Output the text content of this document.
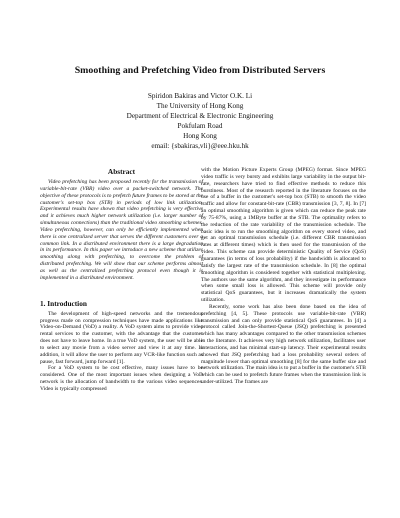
Smoothing and Prefetching Video from Distributed Servers
Spiridon Bakiras and Victor O.K. Li
The University of Hong Kong
Department of Electrical & Electronic Engineering
Pokfulam Road
Hong Kong
email: {sbakiras,vli}@eee.hku.hk
Abstract

Video prefetching has been proposed recently for the transmission of variable-bit-rate (VBR) video over a packet-switched network. The objective of these protocols is to prefetch future frames to be stored at the customer's set-top box (STB) in periods of low link utilization. Experimental results have shown that video prefetching is very effective and it achieves much higher network utilization (i.e. larger number of simultaneous connections) than the traditional video smoothing schemes. Video prefetching, however, can only be efficiently implemented when there is one centralized server that serves the different customers over a common link. In a distributed environment there is a large degradation in its performance. In this paper we introduce a new scheme that utilizes smoothing along with prefetching, to overcome the problem of distributed prefetching. We will show that our scheme performs almost as well as the centralized prefetching protocol even though it is implemented in a distributed environment.

1. Introduction

The development of high-speed networks and the tremendous progress made on compression techniques have made applications like Video-on-Demand (VoD) a reality. A VoD system aims to provide video rental services to the customer, with the advantage that the customer does not have to leave home. In a true VoD system, the user will be able to select any movie from a video server and view it at any time. In addition, it will allow the user to perform any VCR-like function such as pause, fast forward, jump forward [1].

For a VoD system to be cost effective, many issues have to be considered. One of the most important issues when designing a VoD network is the allocation of bandwidth to the various video sequences. Video is typically compressed

with the Motion Picture Experts Group (MPEG) format. Since MPEG video traffic is very bursty and exhibits large variability in the output bit-rate, researchers have tried to find effective methods to reduce this burstiness. Most of the research reported in the literature focuses on the use of a buffer in the customer's set-top box (STB) to smooth the video traffic and allow for constant-bit-rate (CBR) transmission [3, 7, 8]. In [7] an optimal smoothing algorithm is given which can reduce the peak rate by 75-87%, using a 1MByte buffer at the STB. The optimality refers to the reduction of the rate variability of the transmission schedule. The basic idea is to run the smoothing algorithm on every stored video, and get an optimal transmission schedule (i.e. different CBR transmission rates at different times) which is then used for the transmission of the video. This scheme can provide deterministic Quality of Service (QoS) guarantees (in terms of loss probability) if the bandwidth is allocated to satisfy the largest rate of the transmission schedule. In [8] the optimal smoothing algorithm is considered together with statistical multiplexing. The authors use the same algorithm, and they investigate its performance when some small loss is allowed. This scheme will provide only statistical QoS guarantees, but it increases dramatically the system utilization.

Recently, some work has also been done based on the idea of prefetching [4, 5]. These protocols use variable-bit-rate (VBR) transmission and can only provide statistical QoS guarantees. In [4] a protocol called Join-the-Shortest-Queue (JSQ) prefetching is presented which has many advantages compared to the other transmission schemes in the literature. It achieves very high network utilization, facilitates user interactions, and has minimal start-up latency. Their experimental results showed that JSQ prefetching had a loss probability several orders of magnitude lower than optimal smoothing [8] for the same buffer size and network utilization. The main idea is to put a buffer in the customer's STB which can be used to prefetch future frames when the transmission link is under-utilized. The frames are
